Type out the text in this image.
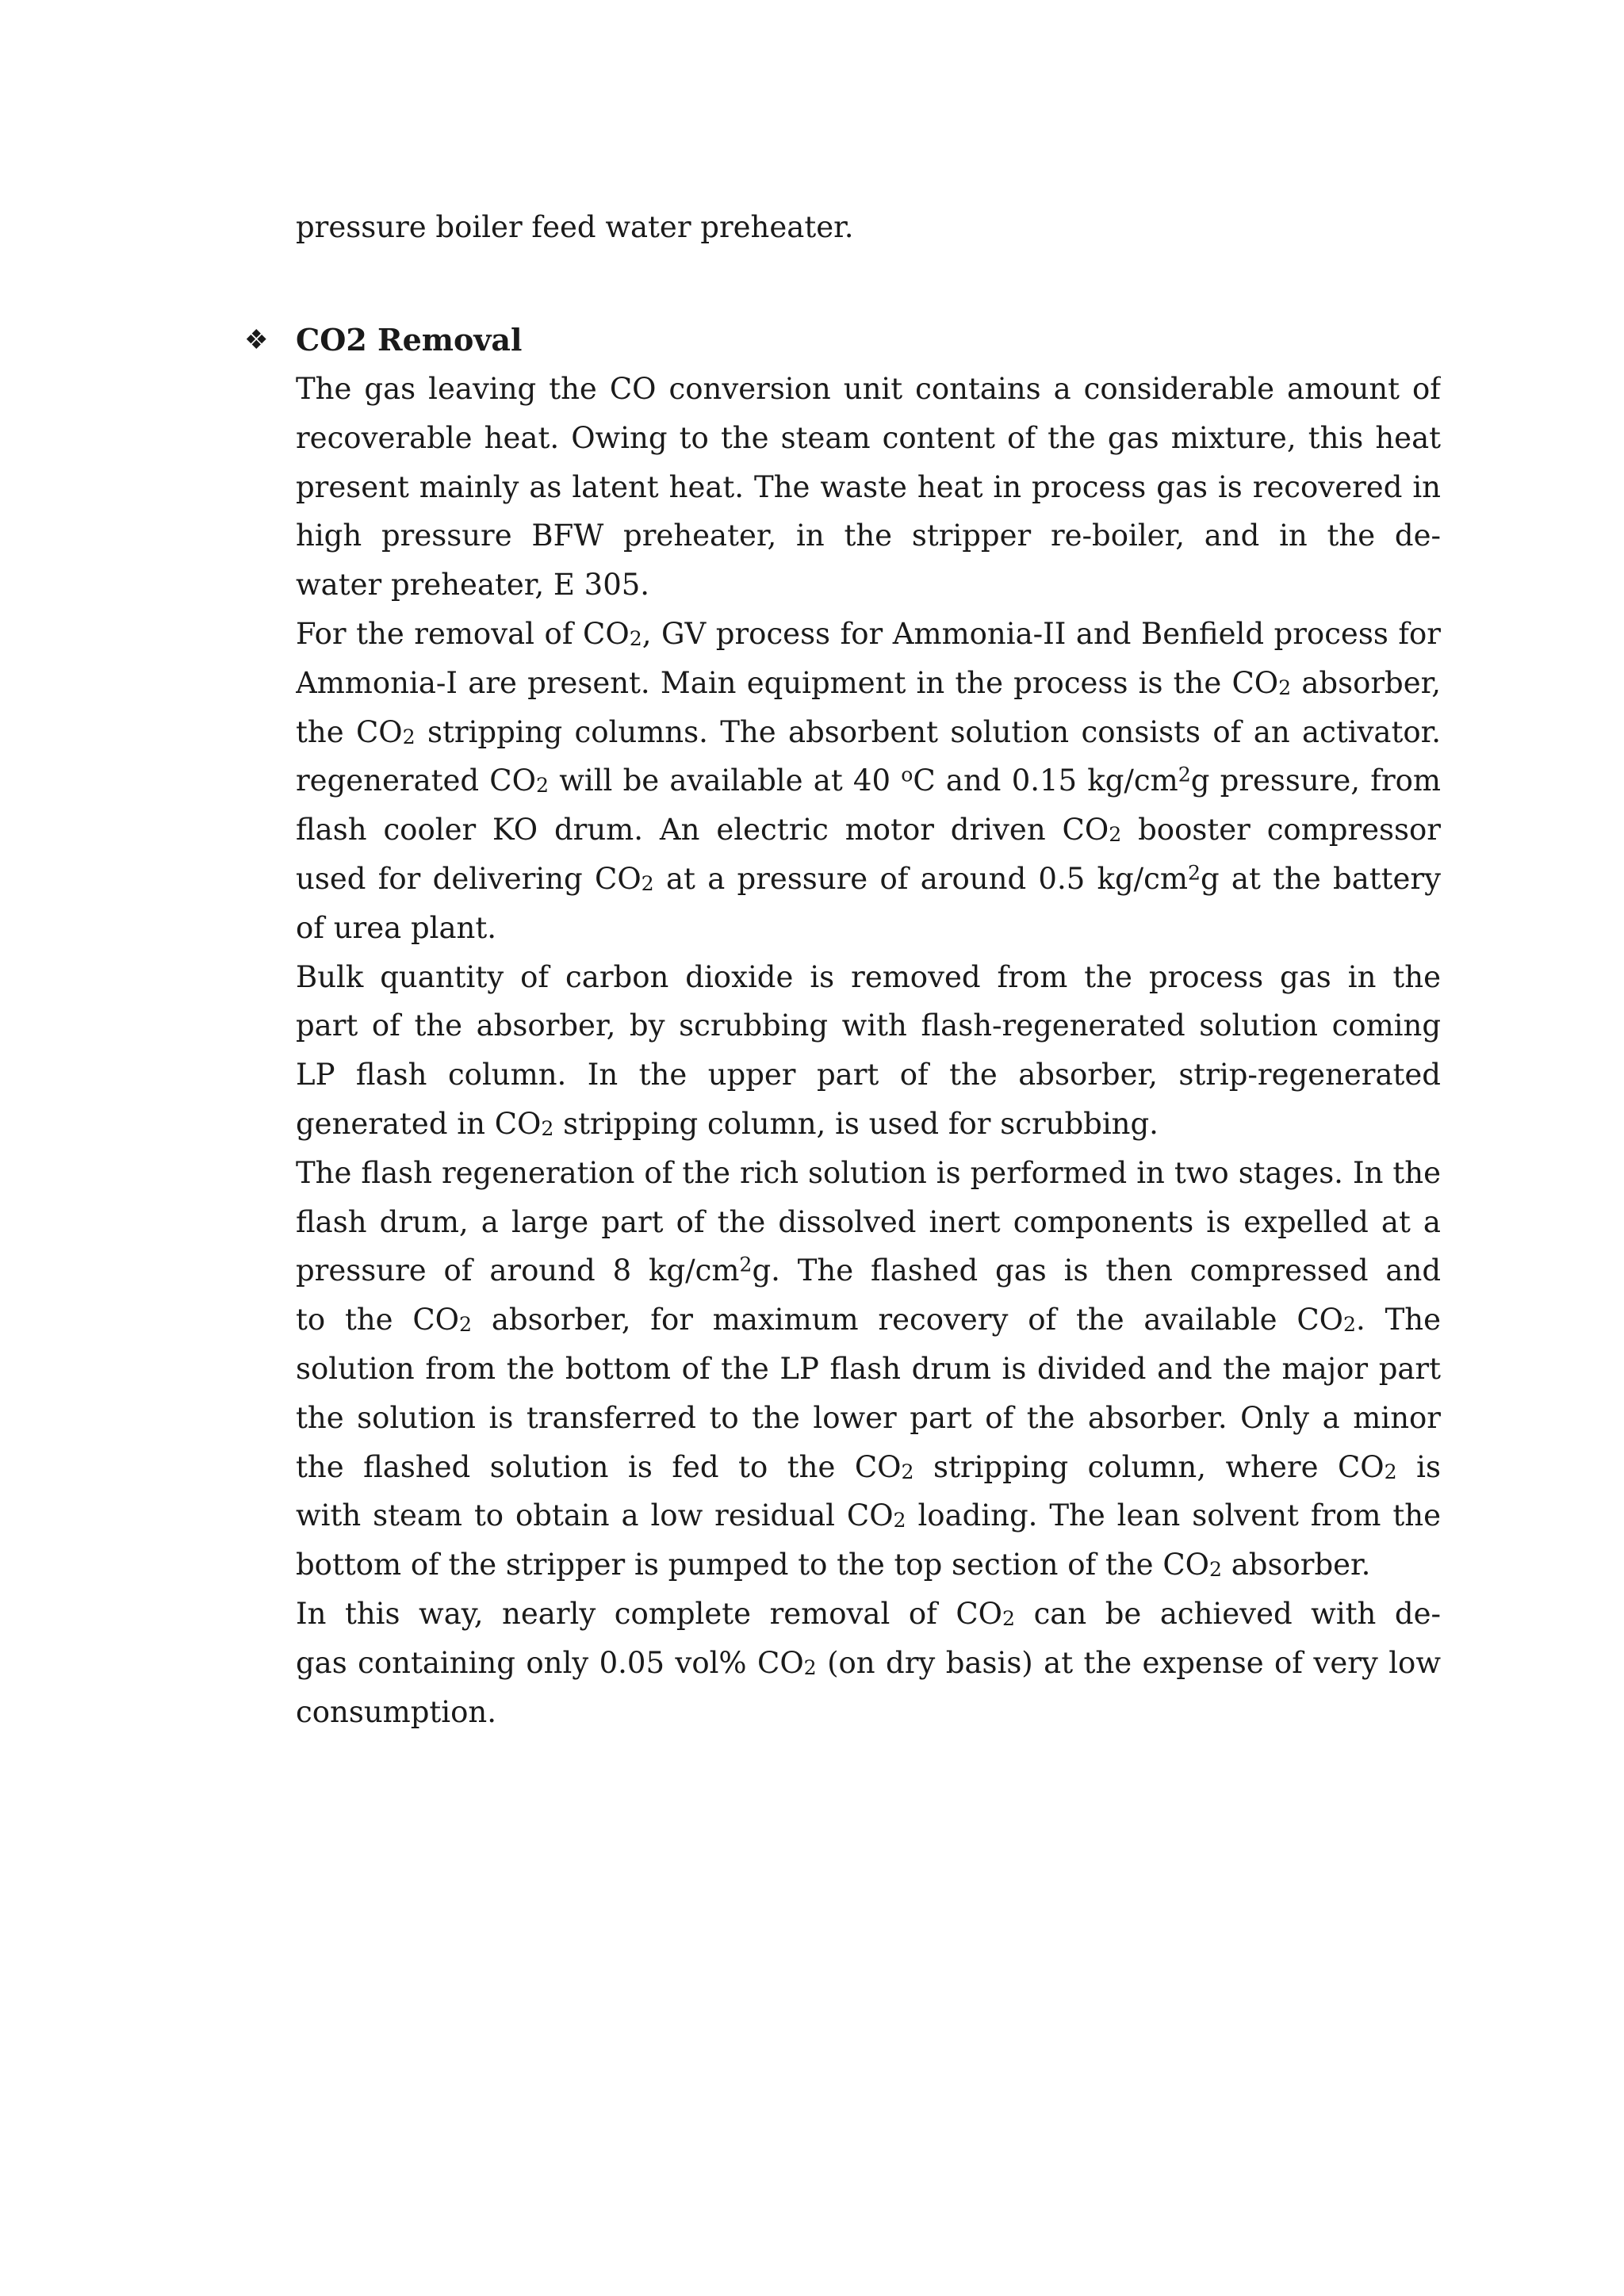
pressure boiler feed water preheater.
❖ CO2 Removal
The gas leaving the CO conversion unit contains a considerable amount of
recoverable heat. Owing to the steam content of the gas mixture, this heat
present mainly as latent heat. The waste heat in process gas is recovered in
high pressure BFW preheater, in the stripper re-boiler, and in the de-
water preheater, E 305.
For the removal of $CO_2$, GV process for Ammonia-II and Benfield process for
Ammonia-I are present. Main equipment in the process is the $CO_2$ absorber,
the $CO_2$ stripping columns. The absorbent solution consists of an activator.
regenerated $CO_2$ will be available at 40 $^o$C and 0.15 $kg/cm^2g$ pressure, from
flash cooler KO drum. An electric motor driven $CO_2$ booster compressor
used for delivering $CO_2$ at a pressure of around 0.5 $kg/cm^2g$ at the battery
of urea plant.
Bulk quantity of carbon dioxide is removed from the process gas in the
part of the absorber, by scrubbing with flash-regenerated solution coming
LP flash column. In the upper part of the absorber, strip-regenerated
generated in $CO_2$ stripping column, is used for scrubbing.
The flash regeneration of the rich solution is performed in two stages. In the
flash drum, a large part of the dissolved inert components is expelled at a
pressure of around 8 $kg/cm^2g$. The flashed gas is then compressed and
to the $CO_2$ absorber, for maximum recovery of the available $CO_2$. The
solution from the bottom of the LP flash drum is divided and the major part
the solution is transferred to the lower part of the absorber. Only a minor
the flashed solution is fed to the $CO_2$ stripping column, where $CO_2$ is
with steam to obtain a low residual $CO_2$ loading. The lean solvent from the
bottom of the stripper is pumped to the top section of the $CO_2$ absorber.
In this way, nearly complete removal of $CO_2$ can be achieved with de-
gas containing only 0.05 vol% $CO_2$ (on dry basis) at the expense of very low
consumption.
